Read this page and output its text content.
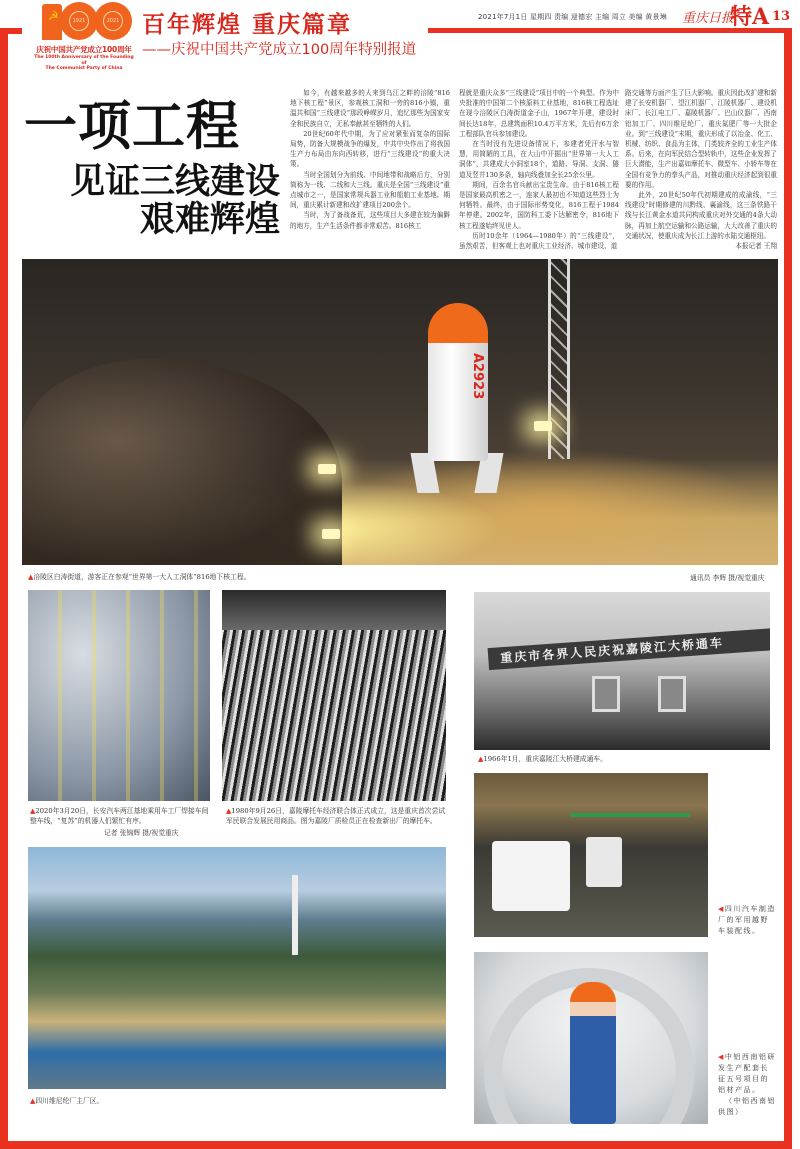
☭	1921	2021
庆祝中国共产党成立100周年
The 100th Anniversary of the Founding of
The Communist Party of China
百年辉煌 重庆篇章
——庆祝中国共产党成立100周年特别报道
2021年7月1日 星期四 责编 逯德宏 主编 周立 美编 黄景琳 重庆日报
特A 13
一项工程
见证三线建设
艰难辉煌

如今，有越来越多的人来到乌江之畔的涪陵“816地下核工程”景区，参观核工洞和一旁的816小镇，重温共和国“三线建设”那段峥嵘岁月，追忆那些为国家安全和民族自立，无私奉献甚至牺牲的人们。

20世纪60年代中期，为了应对紧张而复杂的国际局势，防备大规模战争的爆发，中共中央作出了将我国生产力布局由东向西转移，进行“三线建设”的重大决策。

当时全国划分为前线、中间地带和战略后方，分别简称为一线、二线和大三线。重庆是全国“三线建设”重点城市之一，是国家常规兵器工业和船舶工业基地。期间，重庆累计新建和改扩建项目200余个。

当时，为了备战备荒，这些项目大多建在较为偏僻的地方，生产生活条件都非常艰苦。816核工

程就是重庆众多“三线建设”项目中的一个典型。作为中央批准的中国第二个核原料工业基地，816核工程选址在现今涪陵区白涛街道金子山，1967年开建，建设时间长达18年，总建筑面积10.4万平方米，先后有6万余工程部队官兵参加建设。

在当时没有先进设备情况下，参建者凭汗水与智慧，用简陋的工具，在大山中开掘出“世界第一大人工洞体”，共建成大小洞室18个，道路、导洞、支洞、隧道及竖井130多条，轴向线叠加全长25余公里。

期间，百余名官兵献出宝贵生命。由于816核工程是国家最高机密之一，连家人最初也不知道这些烈士为何牺牲。最终，由于国际形势变化，816工程于1984年停建。2002年，国防科工委下达解密令，816地下核工程遂始终见世人。

历时10余年（1964—1980年）的“三线建设”，虽然艰苦，但客观上也对重庆工业经济、城市建设、道

路交通等方面产生了巨大影响。重庆因此改扩建和新建了长安机器厂、望江机器厂、江陵机器厂、建设机床厂、长江电工厂、嘉陵机器厂、巴山仪器厂、西南铝加工厂、四川维尼纶厂、重庆氮肥厂等一大批企业。到“三线建设”末期，重庆形成了以冶金、化工、机械、纺织、食品为主体，门类较齐全的工业生产体系。后来，在向军民结合型转轨中，这些企业发挥了巨大潜能，生产出嘉如摩托车、微型车、小轿车等在全国有竞争力的拳头产品，对推动重庆经济起到很重要的作用。

此外，20世纪50年代初期建成的成渝线，“三线建设”时期修建的川黔线、襄渝线，这三条铁路干线与长江黄金水道共同构成重庆对外交通的4条大动脉，再加上航空运输和公路运输，大大改善了重庆的交通状况，使重庆成为长江上游的水陆交通枢纽。

本报记者 王翔
A2923
▲涪陵区白涛街道，游客正在参观“世界第一大人工洞体”816地下核工程。	通讯员 李辉 摄/视觉重庆
▲2020年3月20日，长安汽车两江基地乘用车工厂焊接车间整车线，“复苏”的机器人们繁忙有序。
记者 张锦辉 摄/视觉重庆
▲1980年9月26日，嘉陵摩托车经济联合体正式成立，这是重庆首次尝试军民联合发展民用商品。图为嘉陵厂质检员正在检查新出厂的摩托车。
重庆市各界人民庆祝嘉陵江大桥通车
▲1966年1月，重庆嘉陵江大桥建成通车。
◀四川汽车制造厂的军用越野车装配线。
▲四川维尼纶厂主厂区。
◀中铝西南铝研发生产配套长征五号项目的铝材产品。
（中铝西南铝供图）
